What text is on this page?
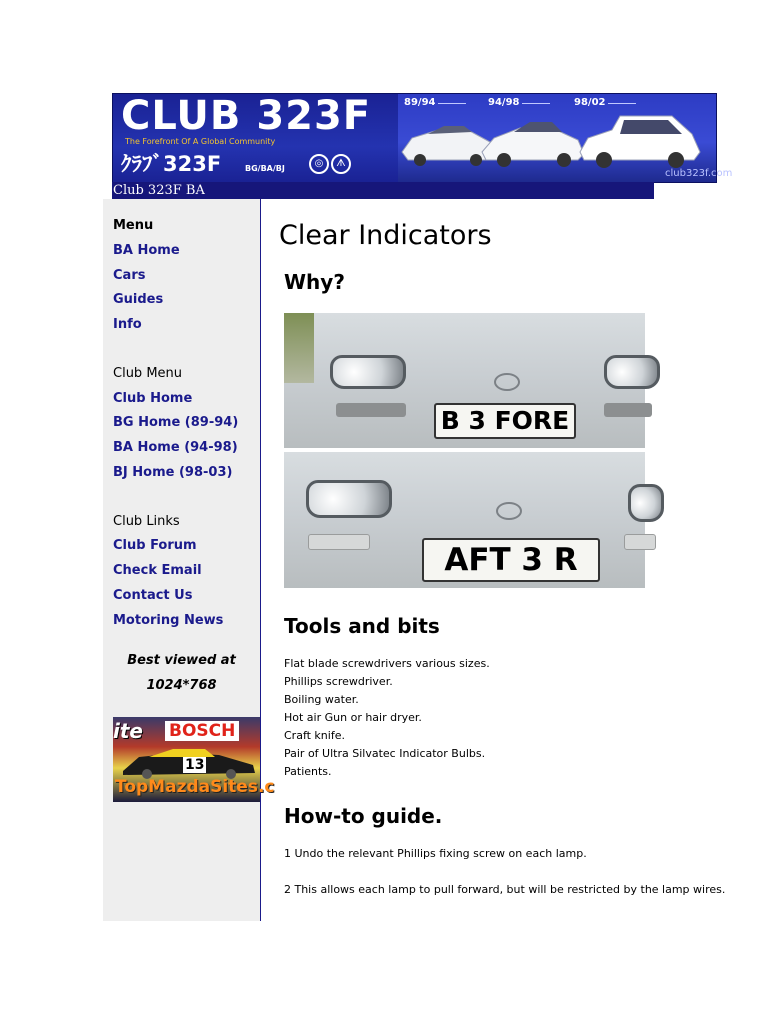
CLUB 323F
The Forefront Of A Global Community
ｸﾗﾌﾞ323F	BG/BA/BJ	◎	ᗑ
89/94	94/98	98/02
club323f.com
Club 323F BA
Menu
BA Home
Cars
Guides
Info
Club Menu
Club Home
BG Home (89-94)
BA Home (94-98)
BJ Home (98-03)
Club Links
Club Forum
Check Email
Contact Us
Motoring News
Best viewed at
1024*768
ite BOSCH
13
TopMazdaSites.c
Clear Indicators
Why?
B 3 FORE
AFT 3 R
Tools and bits
Flat blade screwdrivers various sizes.
Phillips screwdriver.
Boiling water.
Hot air Gun or hair dryer.
Craft knife.
Pair of Ultra Silvatec Indicator Bulbs.
Patients.
How-to guide.
1 Undo the relevant Phillips fixing screw on each lamp.
2 This allows each lamp to pull forward, but will be restricted by the lamp wires.
